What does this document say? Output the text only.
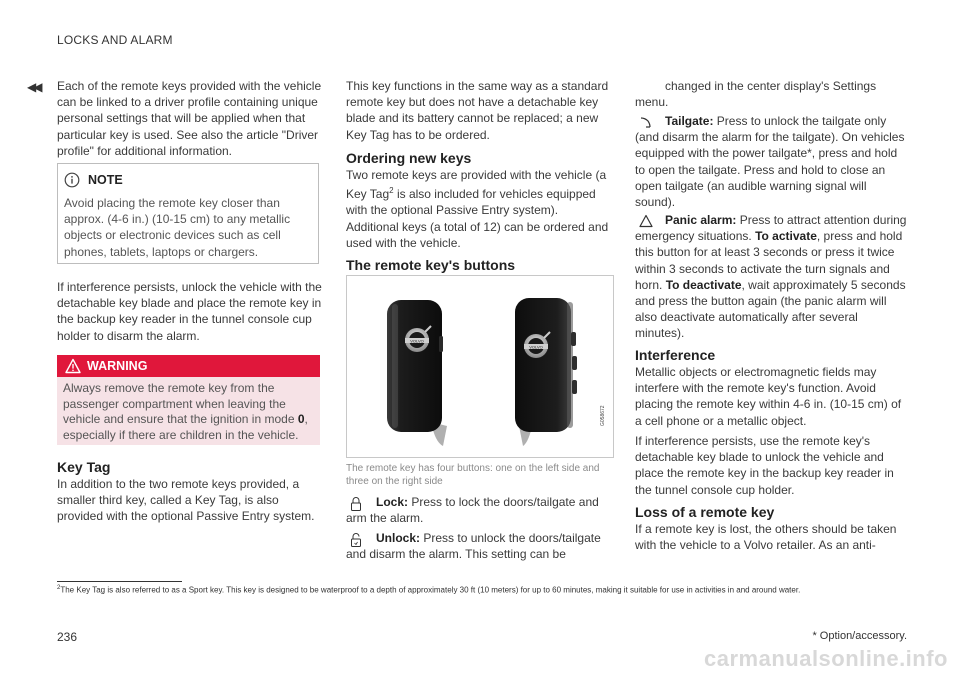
LOCKS AND ALARM
◀◀ Each of the remote keys provided with the vehicle can be linked to a driver profile containing unique personal settings that will be applied when that particular key is used. See also the article "Driver profile" for additional information.

NOTE

Avoid placing the remote key closer than approx. (4-6 in.) (10-15 cm) to any metallic objects or electronic devices such as cell phones, tablets, laptops or chargers.

If interference persists, unlock the vehicle with the detachable key blade and place the remote key in the backup key reader in the tunnel console cup holder to disarm the alarm.

WARNING

Always remove the remote key from the passenger compartment when leaving the vehicle and ensure that the ignition in mode 0, especially if there are children in the vehicle.

Key Tag

In addition to the two remote keys provided, a smaller third key, called a Key Tag, is also provided with the optional Passive Entry system.

This key functions in the same way as a standard remote key but does not have a detachable key blade and its battery cannot be replaced; a new Key Tag has to be ordered.

Ordering new keys

Two remote keys are provided with the vehicle (a Key Tag$^2$ is also included for vehicles equipped with the optional Passive Entry system). Additional keys (a total of 12) can be ordered and used with the vehicle.

The remote key's buttons
VOLVO
VOLVO
G058672
The remote key has four buttons: one on the left side and three on the right side

Lock: Press to lock the doors/tailgate and arm the alarm.

Unlock: Press to unlock the doors/tailgate and disarm the alarm. This setting can be

changed in the center display's Settings menu.

Tailgate: Press to unlock the tailgate only (and disarm the alarm for the tailgate). On vehicles equipped with the power tailgate*, press and hold to open the tailgate. Press and hold to close an open tailgate (an audible warning signal will sound).

Panic alarm: Press to attract attention during emergency situations. To activate, press and hold this button for at least 3 seconds or press it twice within 3 seconds to activate the turn signals and horn. To deactivate, wait approximately 5 seconds and press the button again (the panic alarm will also deactivate automatically after several minutes).

Interference

Metallic objects or electromagnetic fields may interfere with the remote key's function. Avoid placing the remote key within 4-6 in. (10-15 cm) of a cell phone or a metallic object.

If interference persists, use the remote key's detachable key blade to unlock the vehicle and place the remote key in the backup key reader in the tunnel console cup holder.

Loss of a remote key

If a remote key is lost, the others should be taken with the vehicle to a Volvo retailer. As an anti-

$^2$The Key Tag is also referred to as a Sport key. This key is designed to be waterproof to a depth of approximately 30 ft (10 meters) for up to 60 minutes, making it suitable for use in activities in and around water.
236	* Option/accessory.
carmanualsonline.info
